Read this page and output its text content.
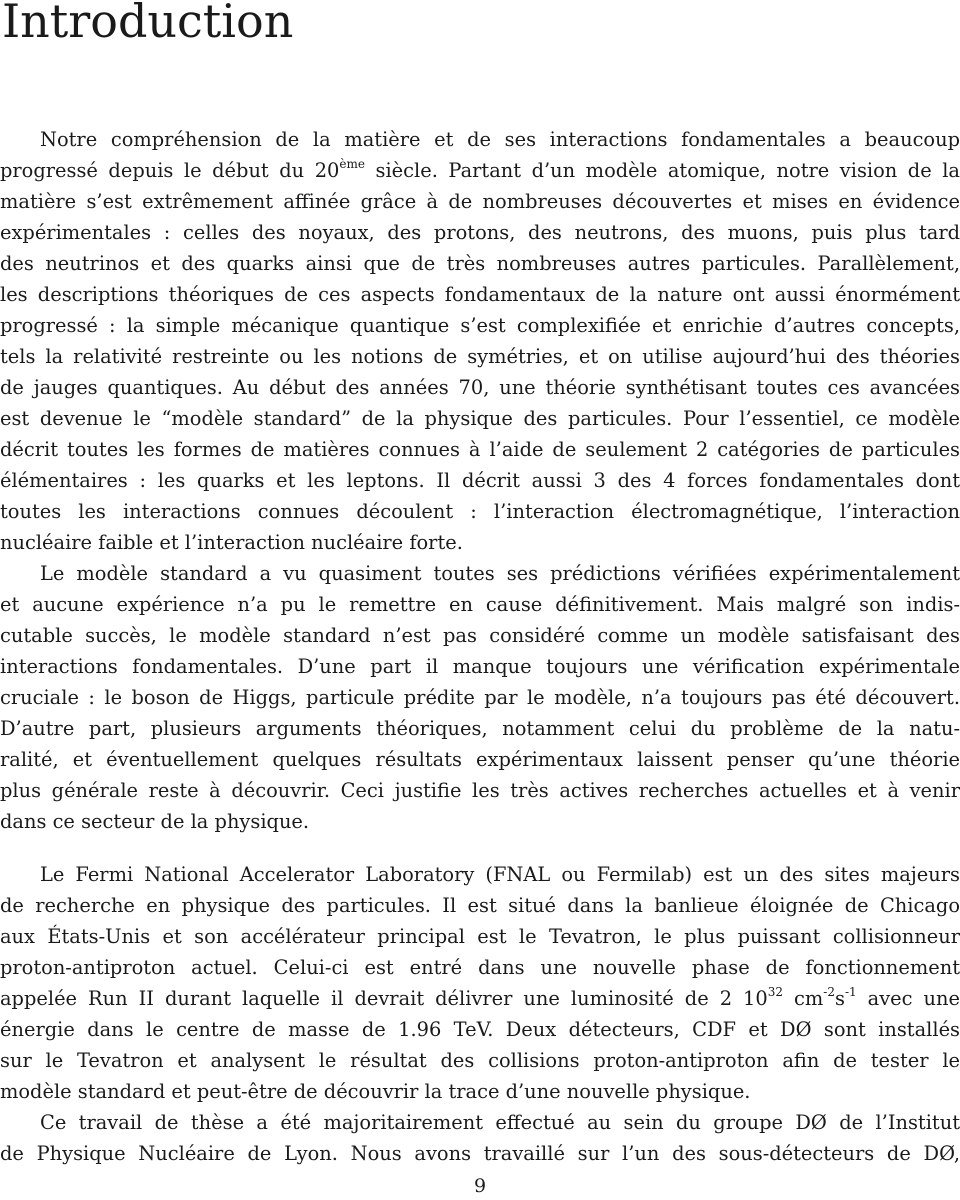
Introduction
Notre compréhension de la matière et de ses interactions fondamentales a beaucoup
progressé depuis le début du 20ème siècle. Partant d’un modèle atomique, notre vision de la
matière s’est extrêmement affinée grâce à de nombreuses découvertes et mises en évidence
expérimentales : celles des noyaux, des protons, des neutrons, des muons, puis plus tard
des neutrinos et des quarks ainsi que de très nombreuses autres particules. Parallèlement,
les descriptions théoriques de ces aspects fondamentaux de la nature ont aussi énormément
progressé : la simple mécanique quantique s’est complexifiée et enrichie d’autres concepts,
tels la relativité restreinte ou les notions de symétries, et on utilise aujourd’hui des théories
de jauges quantiques. Au début des années 70, une théorie synthétisant toutes ces avancées
est devenue le “modèle standard” de la physique des particules. Pour l’essentiel, ce modèle
décrit toutes les formes de matières connues à l’aide de seulement 2 catégories de particules
élémentaires : les quarks et les leptons. Il décrit aussi 3 des 4 forces fondamentales dont
toutes les interactions connues découlent : l’interaction électromagnétique, l’interaction
nucléaire faible et l’interaction nucléaire forte.
Le modèle standard a vu quasiment toutes ses prédictions vérifiées expérimentalement
et aucune expérience n’a pu le remettre en cause définitivement. Mais malgré son indis-
cutable succès, le modèle standard n’est pas considéré comme un modèle satisfaisant des
interactions fondamentales. D’une part il manque toujours une vérification expérimentale
cruciale : le boson de Higgs, particule prédite par le modèle, n’a toujours pas été découvert.
D’autre part, plusieurs arguments théoriques, notamment celui du problème de la natu-
ralité, et éventuellement quelques résultats expérimentaux laissent penser qu’une théorie
plus générale reste à découvrir. Ceci justifie les très actives recherches actuelles et à venir
dans ce secteur de la physique.
Le Fermi National Accelerator Laboratory (FNAL ou Fermilab) est un des sites majeurs
de recherche en physique des particules. Il est situé dans la banlieue éloignée de Chicago
aux États-Unis et son accélérateur principal est le Tevatron, le plus puissant collisionneur
proton-antiproton actuel. Celui-ci est entré dans une nouvelle phase de fonctionnement
appelée Run II durant laquelle il devrait délivrer une luminosité de 2 $10^{32}$ $cm^{-2}s^{-1}$ avec une
énergie dans le centre de masse de 1.96 TeV. Deux détecteurs, CDF et DØ sont installés
sur le Tevatron et analysent le résultat des collisions proton-antiproton afin de tester le
modèle standard et peut-être de découvrir la trace d’une nouvelle physique.
Ce travail de thèse a été majoritairement effectué au sein du groupe DØ de l’Institut
de Physique Nucléaire de Lyon. Nous avons travaillé sur l’un des sous-détecteurs de DØ,
9
